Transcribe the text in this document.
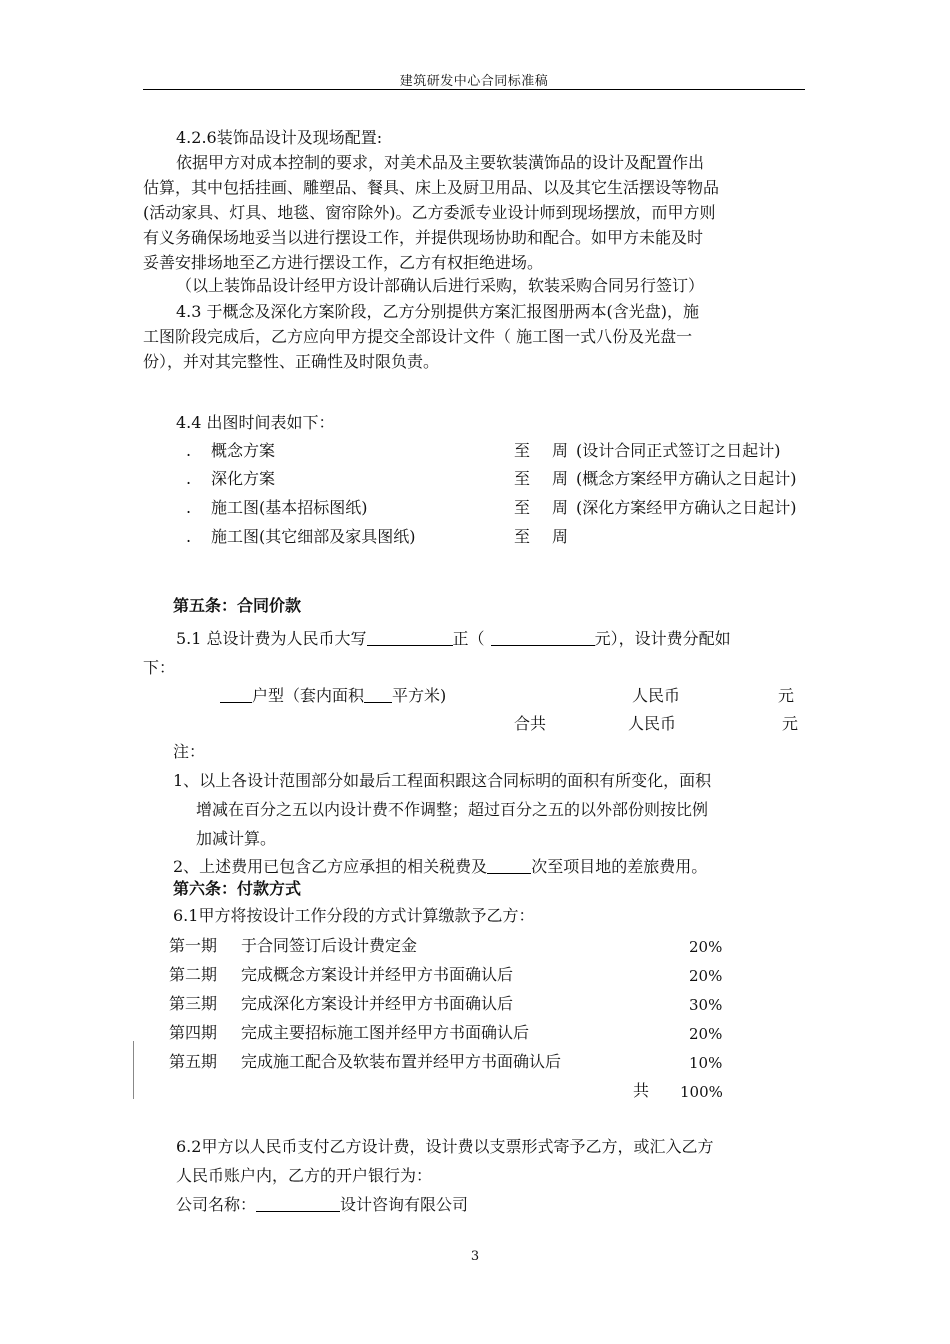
建筑研发中心合同标准稿
4.2.6装饰品设计及现场配置:
依据甲方对成本控制的要求，对美术品及主要软装潢饰品的设计及配置作出
估算，其中包括挂画、雕塑品、餐具、床上及厨卫用品、以及其它生活摆设等物品
(活动家具、灯具、地毯、窗帘除外)。乙方委派专业设计师到现场摆放，而甲方则
有义务确保场地妥当以进行摆设工作，并提供现场协助和配合。如甲方未能及时
妥善安排场地至乙方进行摆设工作，乙方有权拒绝进场。
（以上装饰品设计经甲方设计部确认后进行采购，软装采购合同另行签订）
4.3 于概念及深化方案阶段，乙方分别提供方案汇报图册两本(含光盘)，施
工图阶段完成后，乙方应向甲方提交全部设计文件（ 施工图一式八份及光盘一
份），并对其完整性、正确性及时限负责。
4.4 出图时间表如下：
. 概念方案	至 周 (设计合同正式签订之日起计)
. 深化方案	至 周 (概念方案经甲方确认之日起计)
. 施工图(基本招标图纸)	至 周 (深化方案经甲方确认之日起计)
. 施工图(其它细部及家具图纸)	至 周
第五条：合同价款
5.1 总设计费为人民币大写	正（	元），设计费分配如
下：
户型（套内面积 平方米)	人民币	元
合共	人民币	元
注：
1、以上各设计范围部分如最后工程面积跟这合同标明的面积有所变化，面积
增减在百分之五以内设计费不作调整；超过百分之五的以外部份则按比例
加减计算。
2、上述费用已包含乙方应承担的相关税费及	次至项目地的差旅费用。
第六条：付款方式
6.1甲方将按设计工作分段的方式计算缴款予乙方：
第一期 于合同签订后设计费定金	20%
第二期 完成概念方案设计并经甲方书面确认后	20%
第三期 完成深化方案设计并经甲方书面确认后	30%
第四期 完成主要招标施工图并经甲方书面确认后	20%
第五期 完成施工配合及软装布置并经甲方书面确认后	10%
共 100%
6.2甲方以人民币支付乙方设计费，设计费以支票形式寄予乙方，或汇入乙方
人民币账户内，乙方的开户银行为：
公司名称：	设计咨询有限公司
3
